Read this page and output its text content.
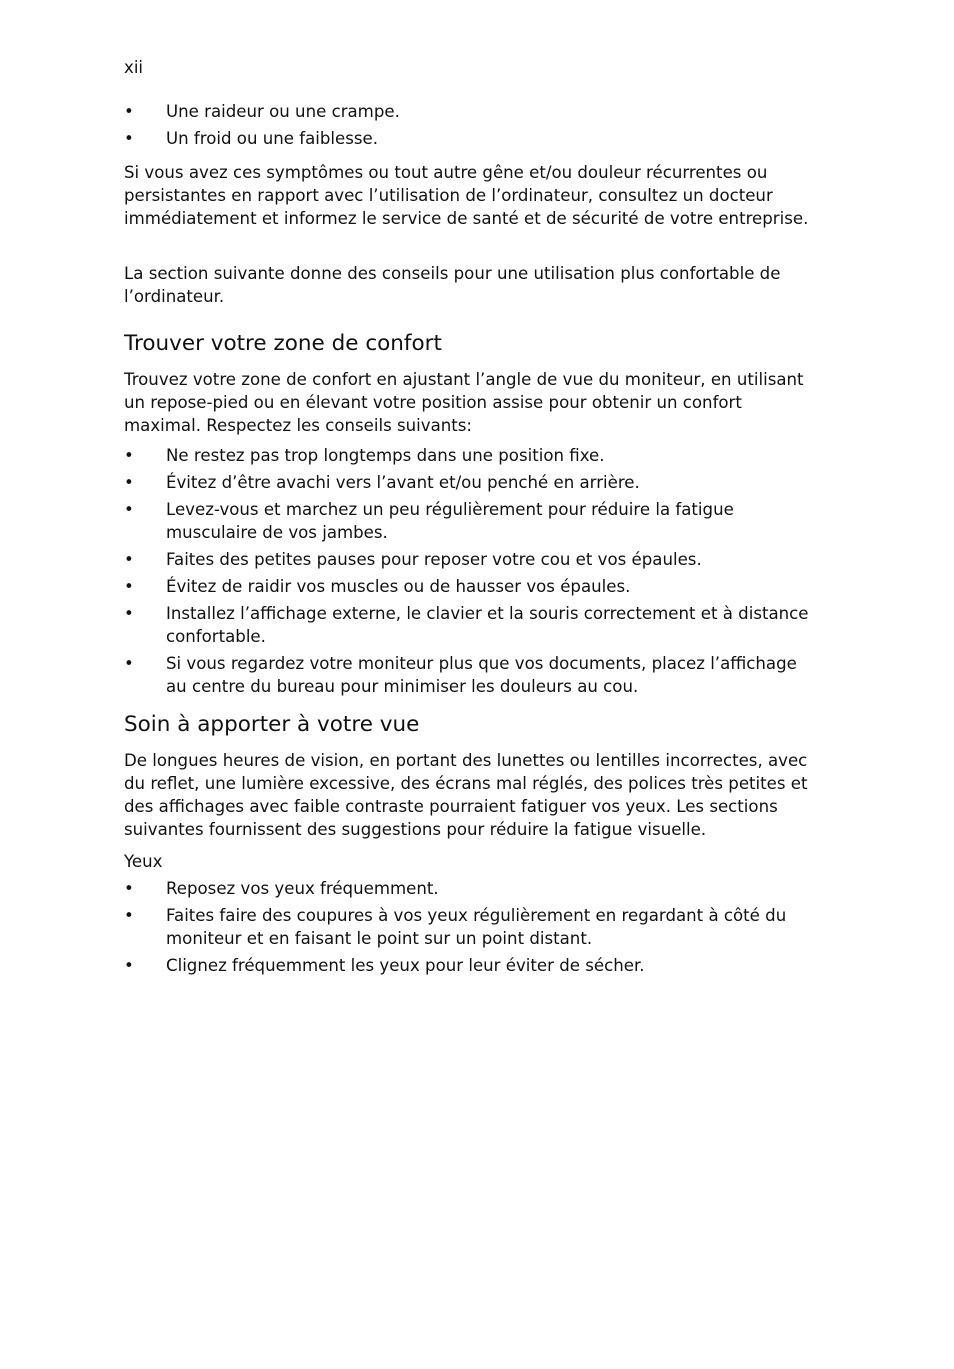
xii
• Une raideur ou une crampe.
• Un froid ou une faiblesse.

Si vous avez ces symptômes ou tout autre gêne et/ou douleur récurrentes ou persistantes en rapport avec l’utilisation de l’ordinateur, consultez un docteur immédiatement et informez le service de santé et de sécurité de votre entreprise.

La section suivante donne des conseils pour une utilisation plus confortable de l’ordinateur.

Trouver votre zone de confort

Trouvez votre zone de confort en ajustant l’angle de vue du moniteur, en utilisant un repose-pied ou en élevant votre position assise pour obtenir un confort maximal. Respectez les conseils suivants:

• Ne restez pas trop longtemps dans une position fixe.
• Évitez d’être avachi vers l’avant et/ou penché en arrière.
• Levez-vous et marchez un peu régulièrement pour réduire la fatigue musculaire de vos jambes.
• Faites des petites pauses pour reposer votre cou et vos épaules.
• Évitez de raidir vos muscles ou de hausser vos épaules.
• Installez l’affichage externe, le clavier et la souris correctement et à distance confortable.
• Si vous regardez votre moniteur plus que vos documents, placez l’affichage au centre du bureau pour minimiser les douleurs au cou.
Soin à apporter à votre vue

De longues heures de vision, en portant des lunettes ou lentilles incorrectes, avec du reflet, une lumière excessive, des écrans mal réglés, des polices très petites et des affichages avec faible contraste pourraient fatiguer vos yeux. Les sections suivantes fournissent des suggestions pour réduire la fatigue visuelle.

Yeux

• Reposez vos yeux fréquemment.
• Faites faire des coupures à vos yeux régulièrement en regardant à côté du moniteur et en faisant le point sur un point distant.
• Clignez fréquemment les yeux pour leur éviter de sécher.
